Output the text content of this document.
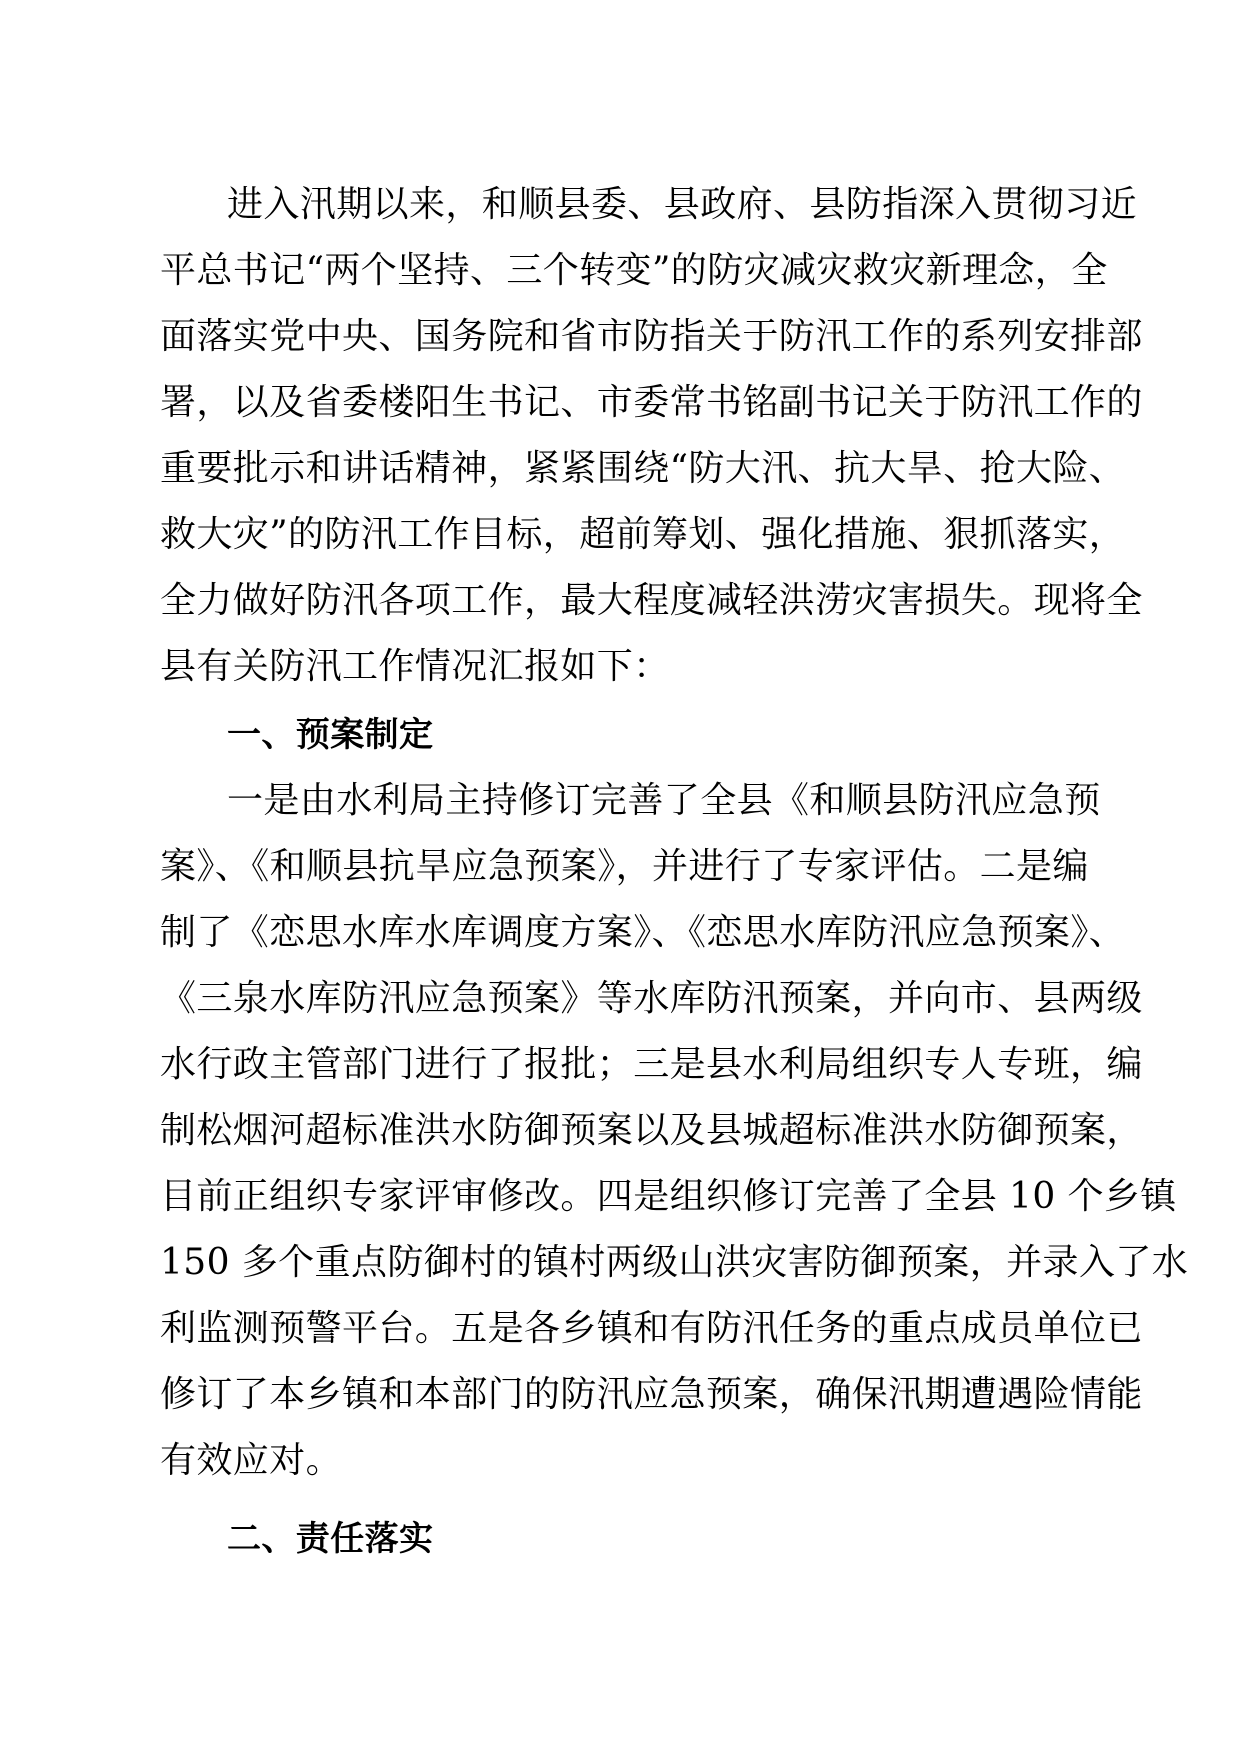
进入汛期以来，和顺县委、县政府、县防指深入贯彻习近
平总书记“两个坚持、三个转变”的防灾减灾救灾新理念，全
面落实党中央、国务院和省市防指关于防汛工作的系列安排部
署，以及省委楼阳生书记、市委常书铭副书记关于防汛工作的
重要批示和讲话精神，紧紧围绕“防大汛、抗大旱、抢大险、
救大灾”的防汛工作目标，超前筹划、强化措施、狠抓落实，
全力做好防汛各项工作，最大程度减轻洪涝灾害损失。现将全
县有关防汛工作情况汇报如下：
一、预案制定
一是由水利局主持修订完善了全县《和顺县防汛应急预
案》、《和顺县抗旱应急预案》，并进行了专家评估。二是编
制了《恋思水库水库调度方案》、《恋思水库防汛应急预案》、
《三泉水库防汛应急预案》等水库防汛预案，并向市、县两级
水行政主管部门进行了报批；三是县水利局组织专人专班，编
制松烟河超标准洪水防御预案以及县城超标准洪水防御预案，
目前正组织专家评审修改。四是组织修订完善了全县 10 个乡镇
150 多个重点防御村的镇村两级山洪灾害防御预案，并录入了水
利监测预警平台。五是各乡镇和有防汛任务的重点成员单位已
修订了本乡镇和本部门的防汛应急预案，确保汛期遭遇险情能
有效应对。
二、责任落实
